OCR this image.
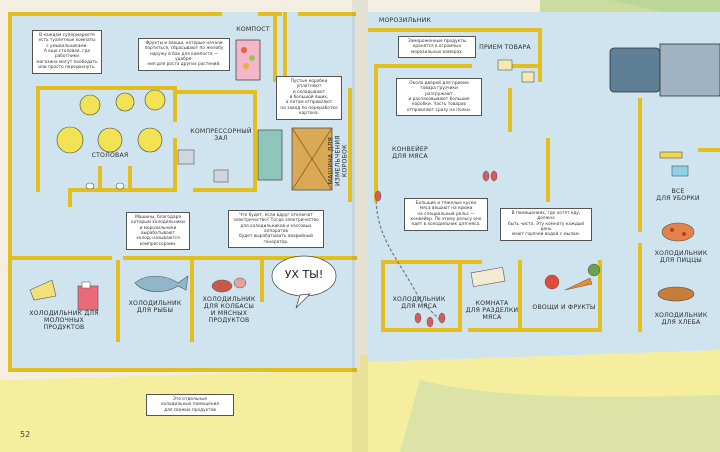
КОМПОСТ
СТОЛОВАЯ
КОМПРЕССОРНЫЙ
ЗАЛ
МАШИНА ДЛЯ
ИЗМЕЛЬЧЕНИЯ
КОРОБОК
ХОЛОДИЛЬНИК ДЛЯ МОЛОЧНЫХ
ПРОДУКТОВ
ХОЛОДИЛЬНИК
ДЛЯ РЫБЫ
ХОЛОДИЛЬНИК
ДЛЯ КОЛБАСЫ
И МЯСНЫХ
ПРОДУКТОВ
УХ ТЫ!
В каждом супермаркете
есть туалетные комнаты
с умывальниками.
А еще столовая, где работники
магазина могут пообедать
или просто передохнуть.
Фрукты и овощи, которые начали
портиться, сбрасывают по желобу
наружу в бак для компоста — удобре-
ния для роста других растений.
Пустые коробки
уплотняют
и складывают
в большой ящик,
а потом отправляют
на завод по переработке
картона.
Машины, благодаря
которым холодильники
и морозильники
вырабатывают
холод, называются
компрессорами.
Что будет, если вдруг отключат
электричество? Тогда электричество
для холодильников и кассовых аппаратов
будет вырабатывать аварийный
генератор.
Это отдельные
холодильные помещения
для свежих продуктов
52
МОРОЗИЛЬНИК
ПРИЕМ ТОВАРА
КОНВЕЙЕР
ДЛЯ МЯСА
ВСЕ
ДЛЯ УБОРКИ
ХОЛОДИЛЬНИК
ДЛЯ ПИЦЦЫ
ХОЛОДИЛЬНИК
ДЛЯ ХЛЕБА
ХОЛОДИЛЬНИК
ДЛЯ МЯСА	КОМНАТА
ДЛЯ РАЗДЕЛКИ
МЯСА
ОВОЩИ И ФРУКТЫ
Замороженные продукты
хранятся в огромных
морозильных камерах.
Около дверей для приема
товара грузчики
разгружают
и распаковывают большие
коробки. Часть товаров
отправляют сразу на полки.
Большие и тяжелые куски
мяса вешают на крюки
на специальный рельс —
конвейер. По этому рельсу оно
едет в холодильник для мяса.
В помещениях, где хотят еду, должно
быть чисто. Эту комнату каждый день
моют горячей водой с мылом.
